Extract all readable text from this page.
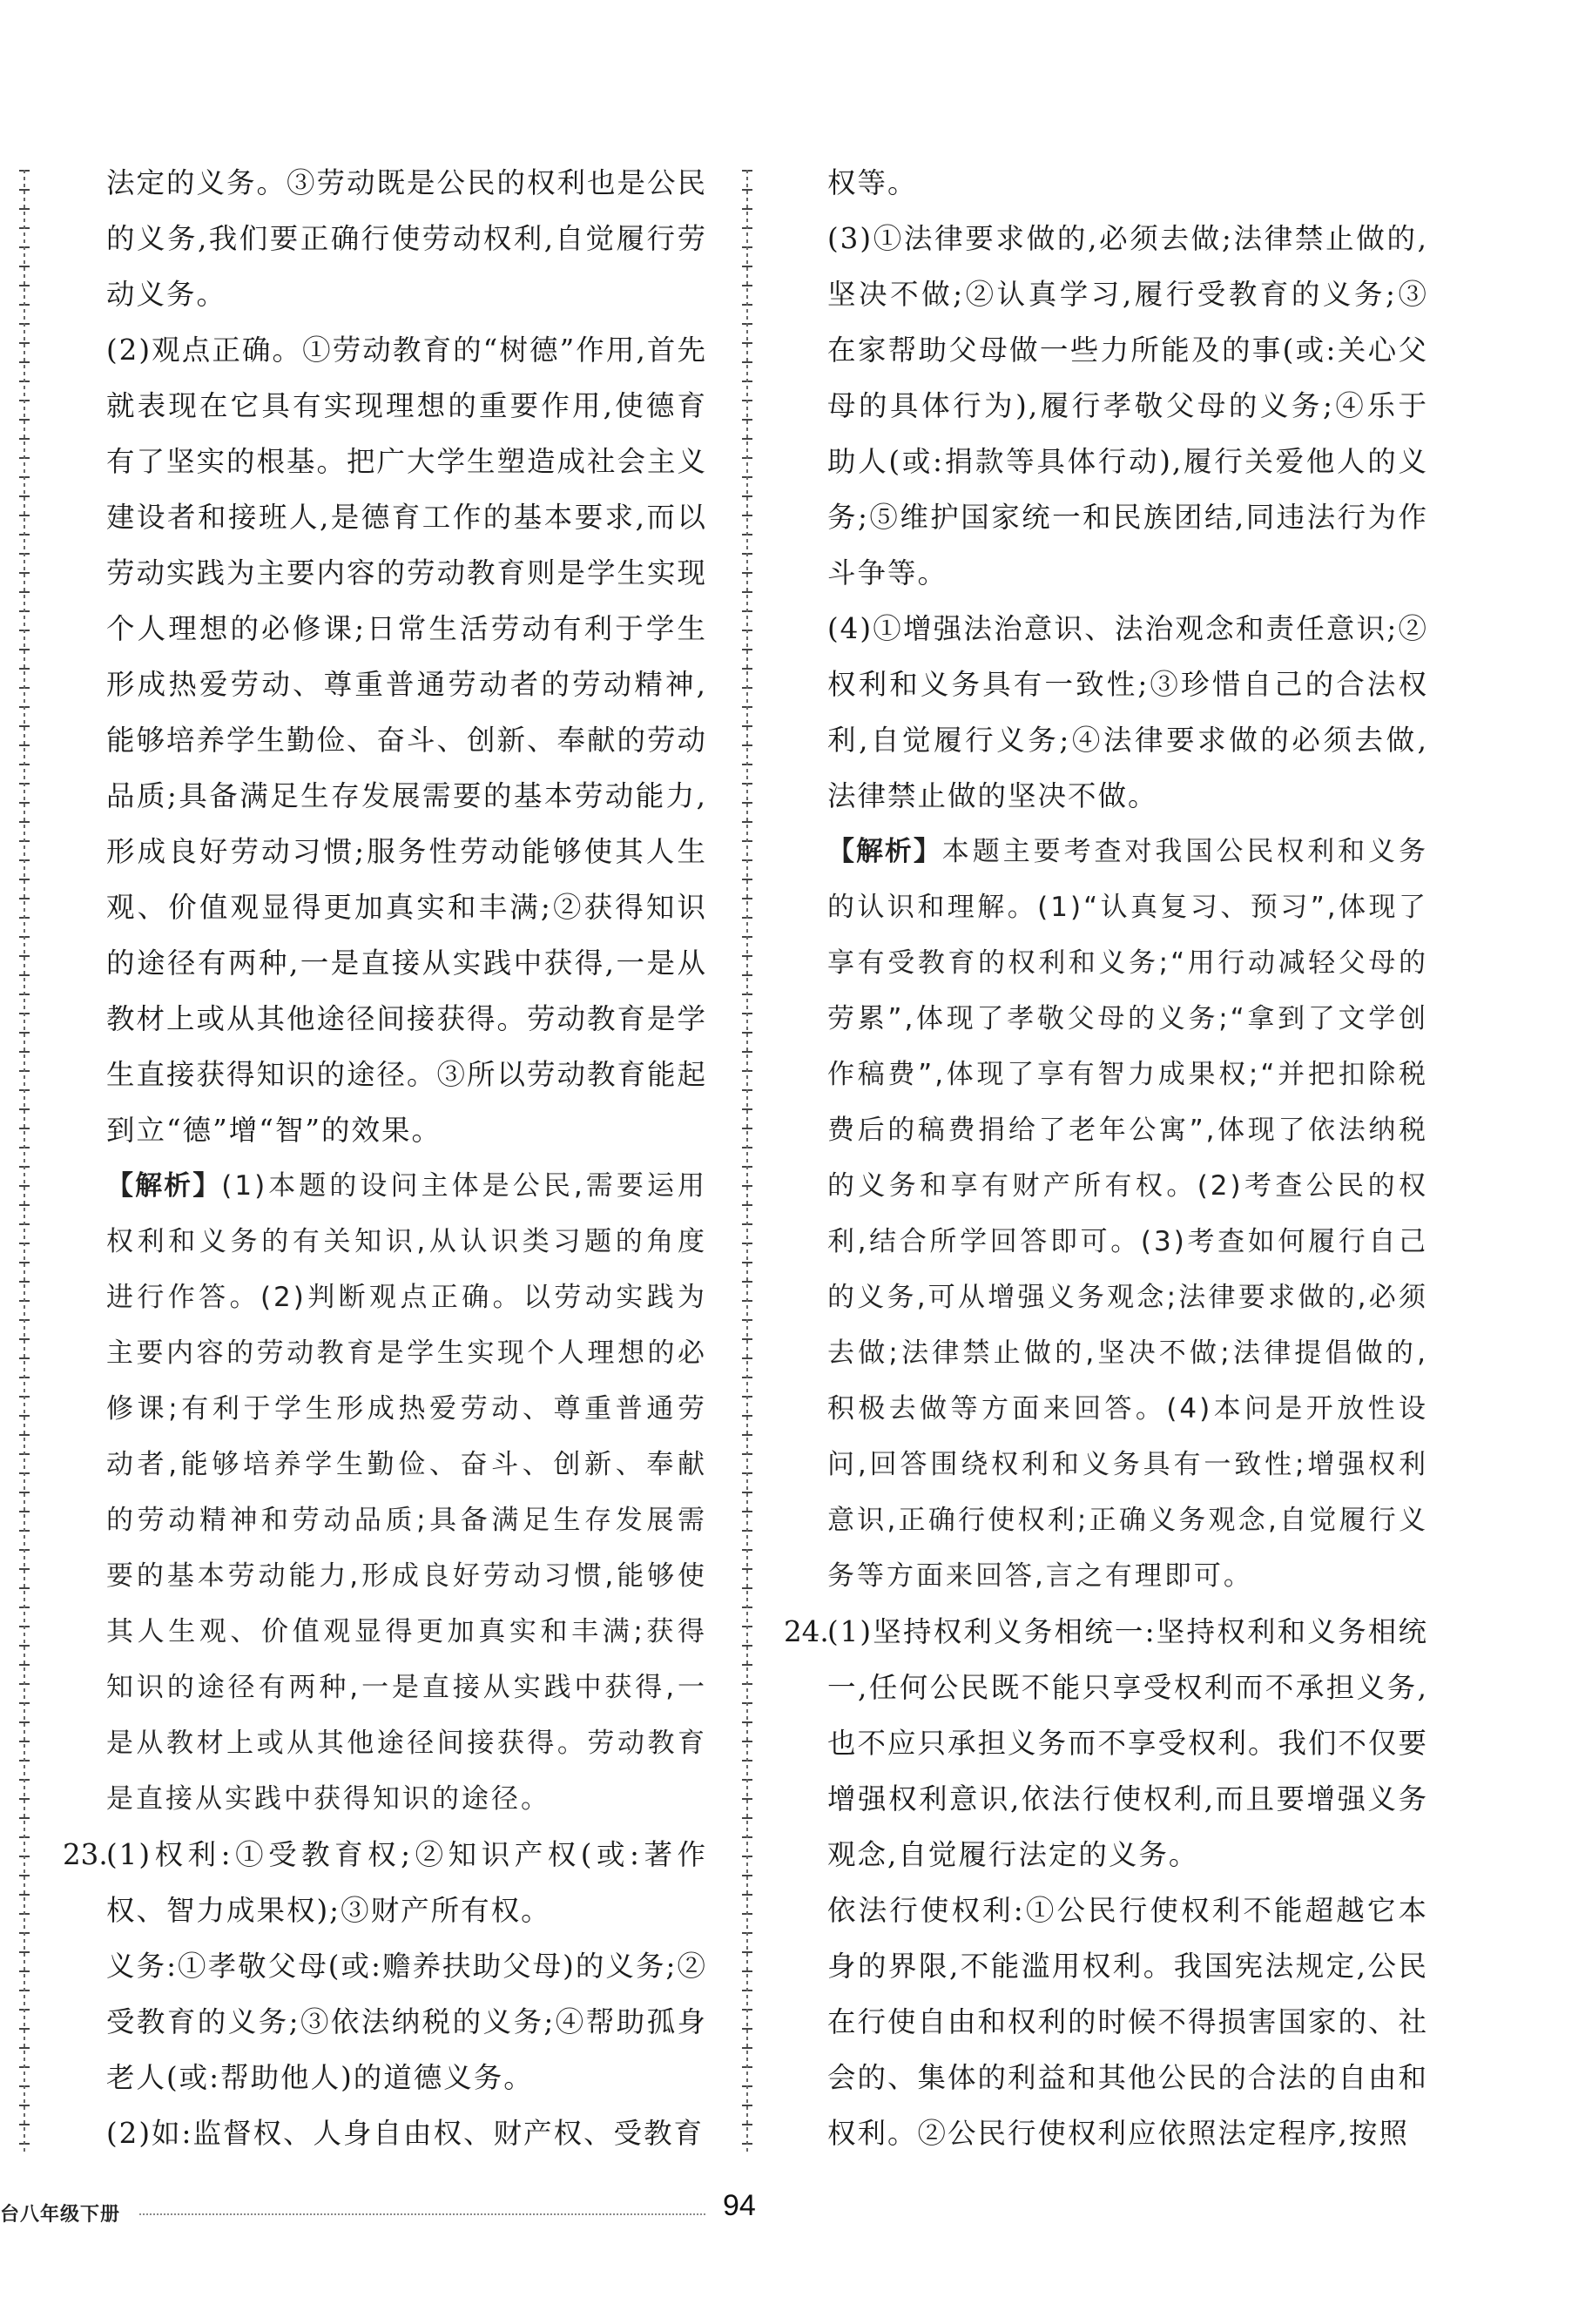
法定的义务。③劳动既是公民的权利也是公民的义务,我们要正确行使劳动权利,自觉履行劳动义务。

(2)观点正确。①劳动教育的“树德”作用,首先就表现在它具有实现理想的重要作用,使德育有了坚实的根基。把广大学生塑造成社会主义建设者和接班人,是德育工作的基本要求,而以劳动实践为主要内容的劳动教育则是学生实现个人理想的必修课;日常生活劳动有利于学生形成热爱劳动、尊重普通劳动者的劳动精神,能够培养学生勤俭、奋斗、创新、奉献的劳动品质;具备满足生存发展需要的基本劳动能力,形成良好劳动习惯;服务性劳动能够使其人生观、价值观显得更加真实和丰满;②获得知识的途径有两种,一是直接从实践中获得,一是从教材上或从其他途径间接获得。劳动教育是学生直接获得知识的途径。③所以劳动教育能起到立“德”增“智”的效果。

【解析】(1)本题的设问主体是公民,需要运用权利和义务的有关知识,从认识类习题的角度进行作答。(2)判断观点正确。以劳动实践为主要内容的劳动教育是学生实现个人理想的必修课;有利于学生形成热爱劳动、尊重普通劳动者,能够培养学生勤俭、奋斗、创新、奉献的劳动精神和劳动品质;具备满足生存发展需要的基本劳动能力,形成良好劳动习惯,能够使其人生观、价值观显得更加真实和丰满;获得知识的途径有两种,一是直接从实践中获得,一是从教材上或从其他途径间接获得。劳动教育是直接从实践中获得知识的途径。

23.(1)权利:①受教育权;②知识产权(或:著作权、智力成果权);③财产所有权。

义务:①孝敬父母(或:赡养扶助父母)的义务;②受教育的义务;③依法纳税的义务;④帮助孤身老人(或:帮助他人)的道德义务。

(2)如:监督权、人身自由权、财产权、受教育

权等。

(3)①法律要求做的,必须去做;法律禁止做的,坚决不做;②认真学习,履行受教育的义务;③在家帮助父母做一些力所能及的事(或:关心父母的具体行为),履行孝敬父母的义务;④乐于助人(或:捐款等具体行动),履行关爱他人的义务;⑤维护国家统一和民族团结,同违法行为作斗争等。

(4)①增强法治意识、法治观念和责任意识;②权利和义务具有一致性;③珍惜自己的合法权利,自觉履行义务;④法律要求做的必须去做,法律禁止做的坚决不做。

【解析】本题主要考查对我国公民权利和义务的认识和理解。(1)“认真复习、预习”,体现了享有受教育的权利和义务;“用行动减轻父母的劳累”,体现了孝敬父母的义务;“拿到了文学创作稿费”,体现了享有智力成果权;“并把扣除税费后的稿费捐给了老年公寓”,体现了依法纳税的义务和享有财产所有权。(2)考查公民的权利,结合所学回答即可。(3)考查如何履行自己的义务,可从增强义务观念;法律要求做的,必须去做;法律禁止做的,坚决不做;法律提倡做的,积极去做等方面来回答。(4)本问是开放性设问,回答围绕权利和义务具有一致性;增强权利意识,正确行使权利;正确义务观念,自觉履行义务等方面来回答,言之有理即可。

24.(1)坚持权利义务相统一:坚持权利和义务相统一,任何公民既不能只享受权利而不承担义务,也不应只承担义务而不享受权利。我们不仅要增强权利意识,依法行使权利,而且要增强义务观念,自觉履行法定的义务。

依法行使权利:①公民行使权利不能超越它本身的界限,不能滥用权利。我国宪法规定,公民在行使自由和权利的时候不得损害国家的、社会的、集体的利益和其他公民的合法的自由和权利。②公民行使权利应依照法定程序,按照

台八年级下册	94
